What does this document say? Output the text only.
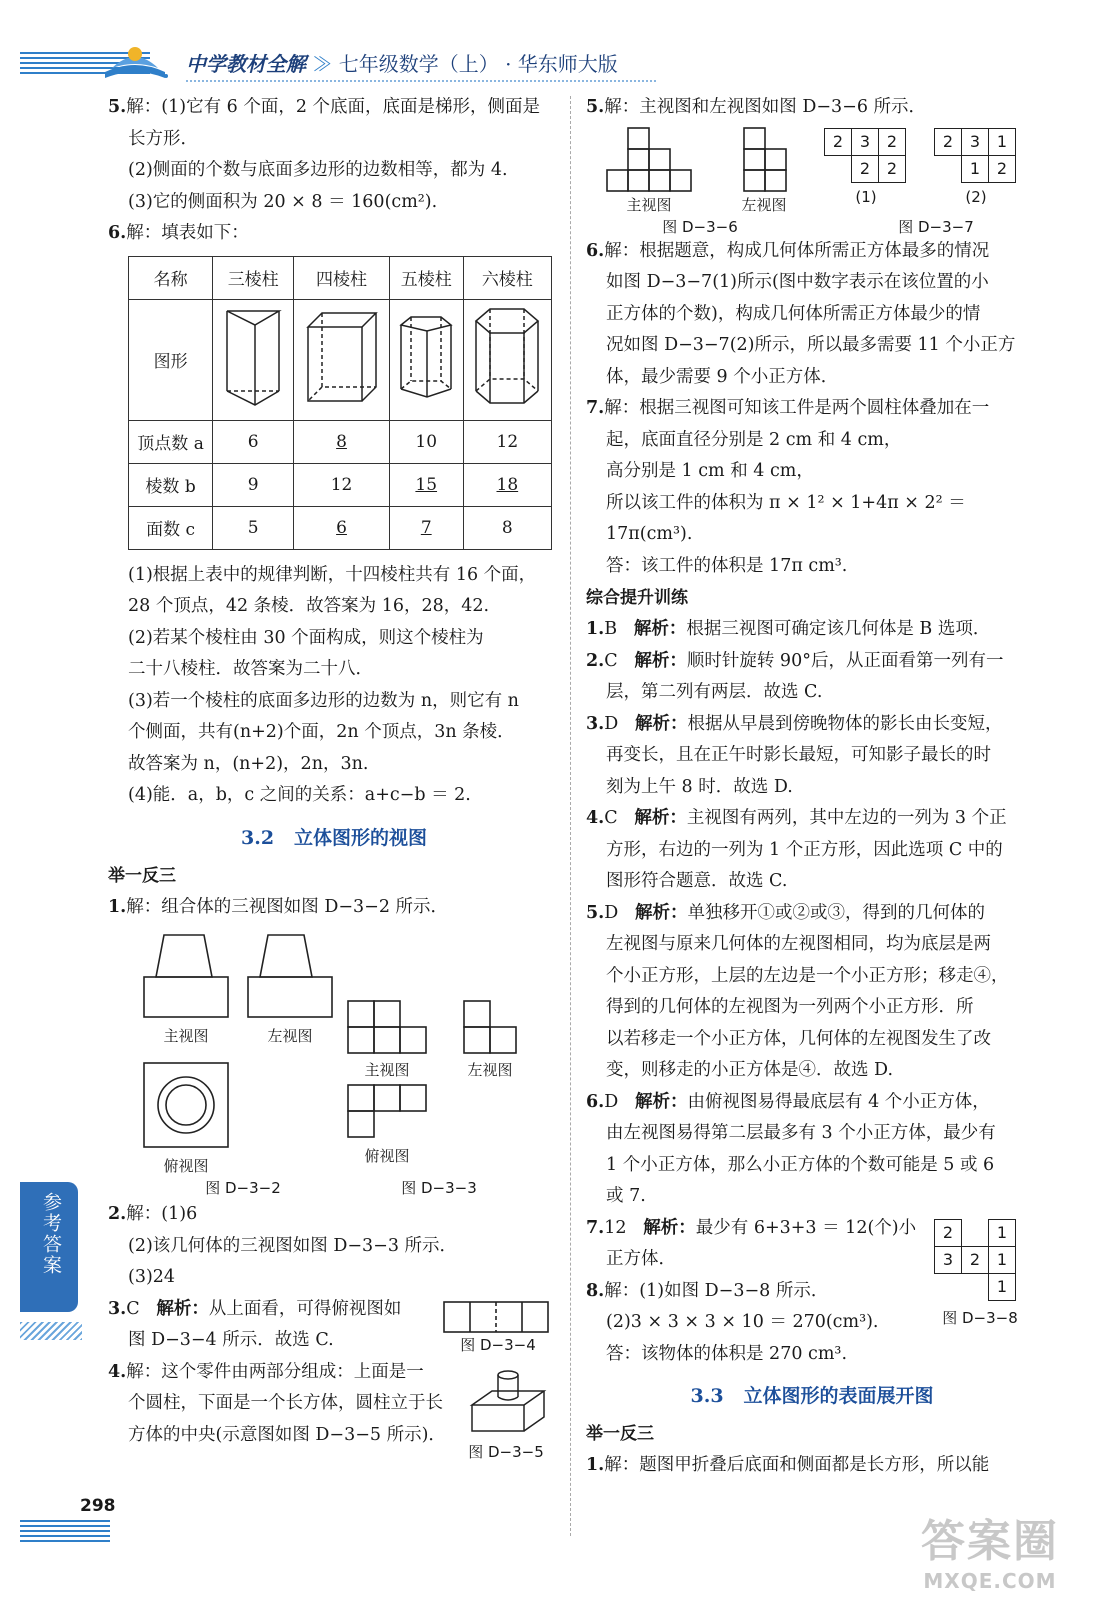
中学教材全解 ≫ 七年级数学（上） · 华东师大版

5.解：(1)它有 6 个面，2 个底面，底面是梯形，侧面是

长方形．

(2)侧面的个数与底面多边形的边数相等，都为 4.

(3)它的侧面积为 20 × 8 ＝ 160(cm²).

6.解：填表如下：

名称	三棱柱	四棱柱	五棱柱	六棱柱
图形				
顶点数 a	6	8	10	12
棱数 b	9	12	15	18
面数 c	5	6	7	8

(1)根据上表中的规律判断，十四棱柱共有 16 个面，

28 个顶点，42 条棱．故答案为 16，28，42.

(2)若某个棱柱由 30 个面构成，则这个棱柱为

二十八棱柱．故答案为二十八．

(3)若一个棱柱的底面多边形的边数为 n，则它有 n

个侧面，共有(n+2)个面，2n 个顶点，3n 条棱．

故答案为 n，(n+2)，2n，3n.

(4)能．a，b，c 之间的关系：a+c−b ＝ 2.

3.2 立体图形的视图
举一反三

1.解：组合体的三视图如图 D−3−2 所示．

主视图	左视图
俯视图
图 D−3−2
主视图	左视图
俯视图
图 D−3−3

2.解：(1)6

(2)该几何体的三视图如图 D−3−3 所示．

(3)24

3.C 解析：从上面看，可得俯视图如

图 D−3−4 所示．故选 C.	图 D−3−4

4.解：这个零件由两部分组成：上面是一

个圆柱，下面是一个长方体，圆柱立于长

方体的中央(示意图如图 D−3−5 所示)．

图 D−3−5

5.解：主视图和左视图如图 D−3−6 所示．

主视图	左视图
图 D−3−6
2	3	2
	2	2
2	3	1
	1	2
(1)	(2)
图 D−3−7

6.解：根据题意，构成几何体所需正方体最多的情况

如图 D−3−7(1)所示(图中数字表示在该位置的小

正方体的个数)，构成几何体所需正方体最少的情

况如图 D−3−7(2)所示，所以最多需要 11 个小正方

体，最少需要 9 个小正方体．

7.解：根据三视图可知该工件是两个圆柱体叠加在一

起，底面直径分别是 2 cm 和 4 cm，

高分别是 1 cm 和 4 cm，

所以该工件的体积为 π × 1² × 1+4π × 2² ＝ 17π(cm³).

答：该工件的体积是 17π cm³.

综合提升训练

1.B 解析：根据三视图可确定该几何体是 B 选项．

2.C 解析：顺时针旋转 90°后，从正面看第一列有一

层，第二列有两层．故选 C.

3.D 解析：根据从早晨到傍晚物体的影长由长变短，

再变长，且在正午时影长最短，可知影子最长的时

刻为上午 8 时．故选 D.

4.C 解析：主视图有两列，其中左边的一列为 3 个正

方形，右边的一列为 1 个正方形，因此选项 C 中的

图形符合题意．故选 C.

5.D 解析：单独移开①或②或③，得到的几何体的

左视图与原来几何体的左视图相同，均为底层是两

个小正方形，上层的左边是一个小正方形；移走④，

得到的几何体的左视图为一列两个小正方形．所

以若移走一个小正方体，几何体的左视图发生了改

变，则移走的小正方体是④．故选 D.

6.D 解析：由俯视图易得最底层有 4 个小正方体，

由左视图易得第二层最多有 3 个小正方体，最少有

1 个小正方体，那么小正方体的个数可能是 5 或 6

或 7.

7.12 解析：最少有 6+3+3 ＝ 12(个)小

正方体．

8.解：(1)如图 D−3−8 所示．

(2)3 × 3 × 3 × 10 ＝ 270(cm³).

答：该物体的体积是 270 cm³.

2		1
3	2	1
		1
图 D−3−8
3.3 立体图形的表面展开图
举一反三

1.解：题图甲折叠后底面和侧面都是长方形，所以能

参考答案
298
答案圈
MXQE.COM
